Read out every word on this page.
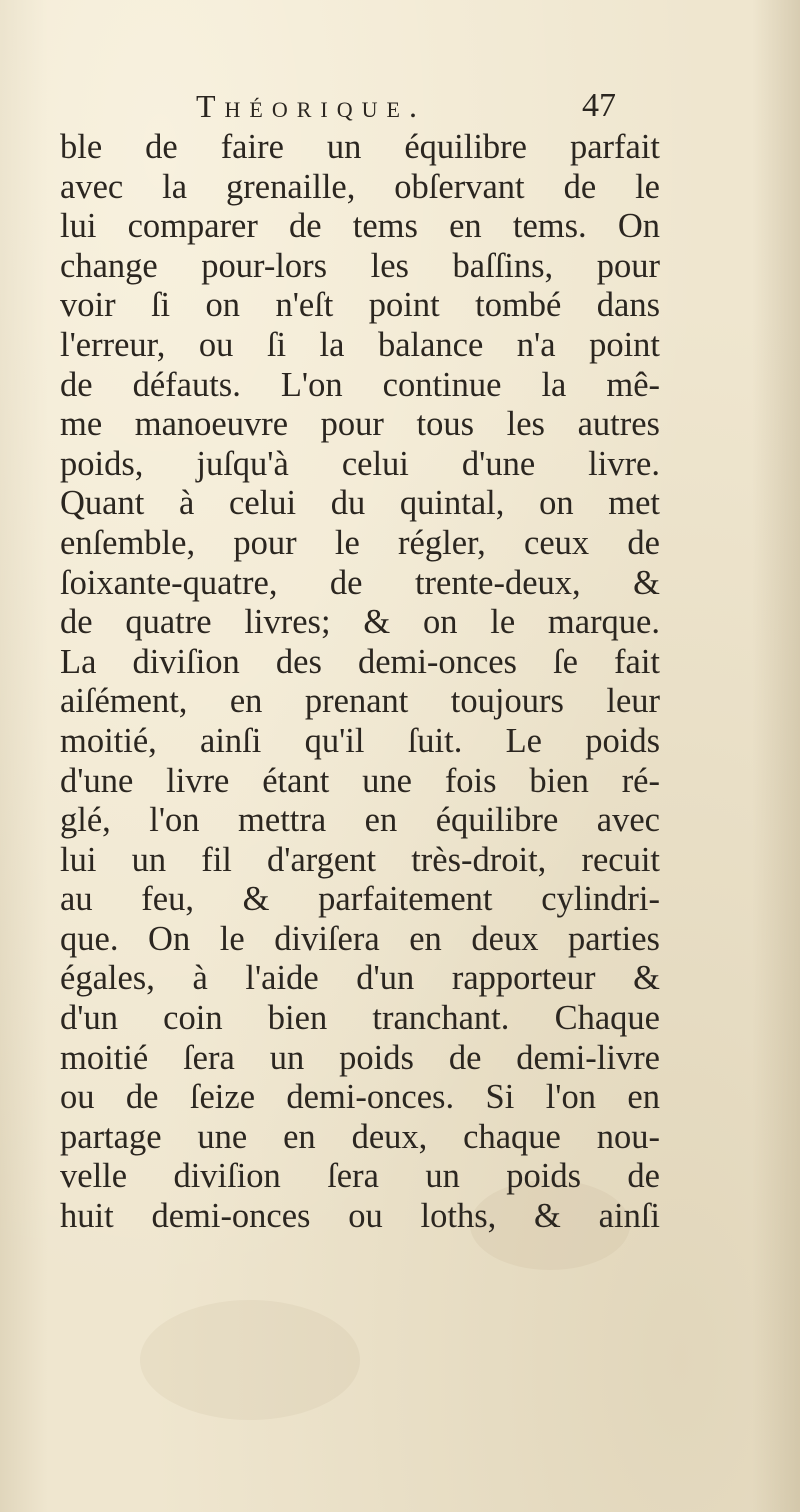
Théorique.	47
ble de faire un équilibre parfait
avec la grenaille, obſervant de le
lui comparer de tems en tems. On
change pour-lors les baſſins, pour
voir ſi on n'eſt point tombé dans
l'erreur, ou ſi la balance n'a point
de défauts. L'on continue la mê-
me manoeuvre pour tous les autres
poids, juſqu'à celui d'une livre.
Quant à celui du quintal, on met
enſemble, pour le régler, ceux de
ſoixante-quatre, de trente-deux, &
de quatre livres; & on le marque.
La diviſion des demi-onces ſe fait
aiſément, en prenant toujours leur
moitié, ainſi qu'il ſuit. Le poids
d'une livre étant une fois bien ré-
glé, l'on mettra en équilibre avec
lui un fil d'argent très-droit, recuit
au feu, & parfaitement cylindri-
que. On le diviſera en deux parties
égales, à l'aide d'un rapporteur &
d'un coin bien tranchant. Chaque
moitié ſera un poids de demi-livre
ou de ſeize demi-onces. Si l'on en
partage une en deux, chaque nou-
velle diviſion ſera un poids de
huit demi-onces ou loths, & ainſi
